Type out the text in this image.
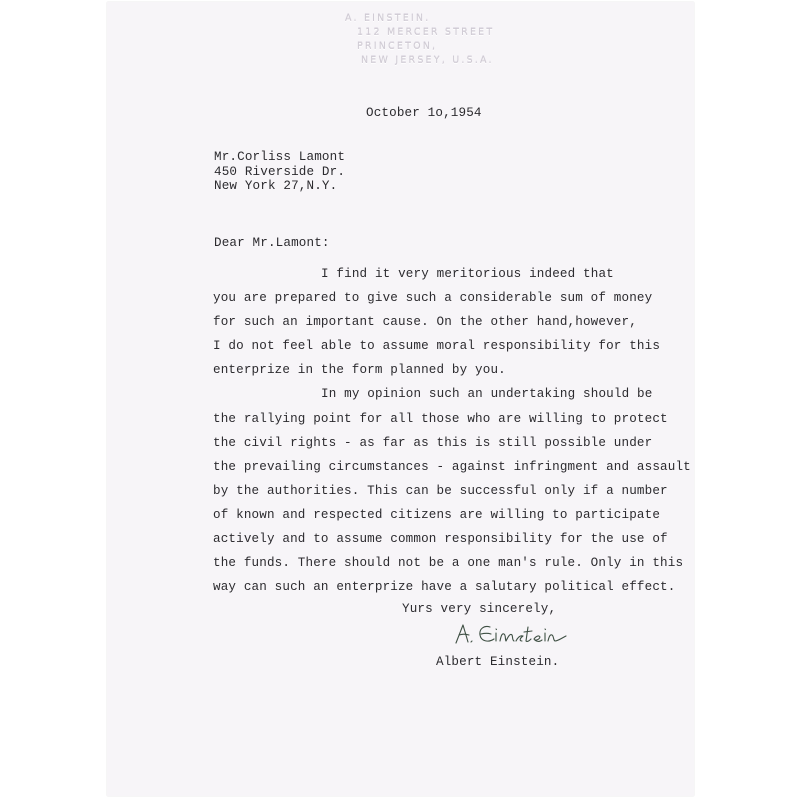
A. EINSTEIN.
112 MERCER STREET
PRINCETON,
NEW JERSEY, U.S.A.
October 1o,1954
Mr.Corliss Lamont
450 Riverside Dr.
New York 27,N.Y.
Dear Mr.Lamont:
I find it very meritorious indeed that
you are prepared to give such a considerable sum of money
for such an important cause. On the other hand,however,
I do not feel able to assume moral responsibility for this
enterprize in the form planned by you.
In my opinion such an undertaking should be
the rallying point for all those who are willing to protect
the civil rights - as far as this is still possible under
the prevailing circumstances - against infringment and assault
by the authorities. This can be successful only if a number
of known and respected citizens are willing to participate
actively and to assume common responsibility for the use of
the funds. There should not be a one man's rule. Only in this
way can such an enterprize have a salutary political effect.
Yurs very sincerely,
Albert Einstein.
